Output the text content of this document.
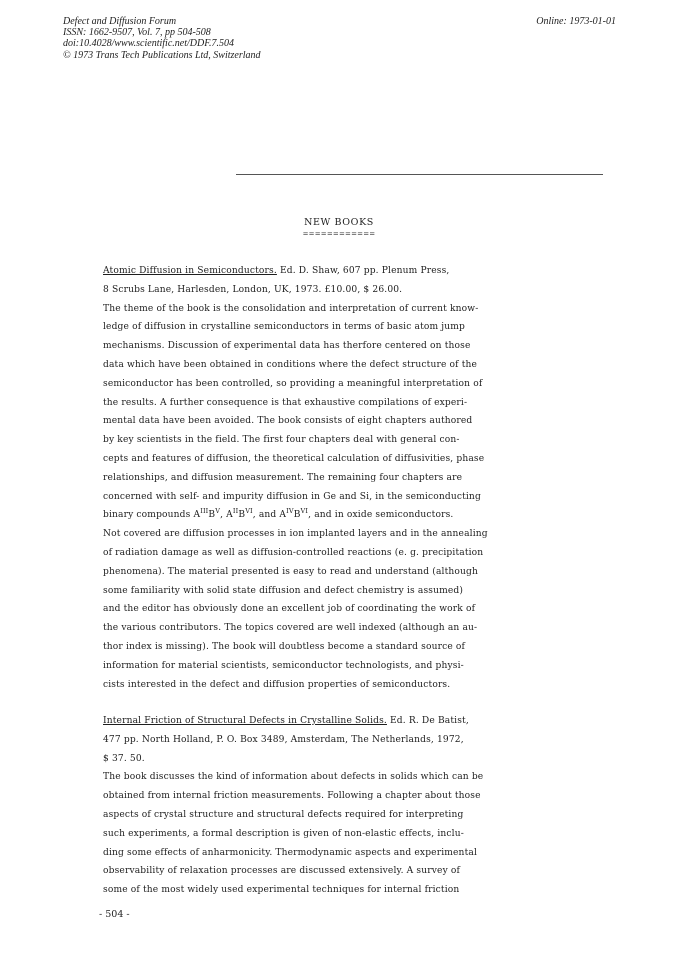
Defect and Diffusion Forum
ISSN: 1662-9507, Vol. 7, pp 504-508
doi:10.4028/www.scientific.net/DDF.7.504
© 1973 Trans Tech Publications Ltd, Switzerland
Online: 1973-01-01
NEW BOOKS
============
Atomic Diffusion in Semiconductors. Ed. D. Shaw, 607 pp. Plenum Press,
8 Scrubs Lane, Harlesden, London, UK, 1973. £10.00, $ 26.00.
The theme of the book is the consolidation and interpretation of current know-
ledge of diffusion in crystalline semiconductors in terms of basic atom jump
mechanisms. Discussion of experimental data has therfore centered on those
data which have been obtained in conditions where the defect structure of the
semiconductor has been controlled, so providing a meaningful interpretation of
the results. A further consequence is that exhaustive compilations of experi-
mental data have been avoided. The book consists of eight chapters authored
by key scientists in the field. The first four chapters deal with general con-
cepts and features of diffusion, the theoretical calculation of diffusivities, phase
relationships, and diffusion measurement. The remaining four chapters are
concerned with self- and impurity diffusion in Ge and Si, in the semiconducting
binary compounds $A^{III}B^V$, $A^{II}B^{VI}$, and $A^{IV}B^{VI}$, and in oxide semiconductors.
Not covered are diffusion processes in ion implanted layers and in the annealing
of radiation damage as well as diffusion-controlled reactions (e. g. precipitation
phenomena). The material presented is easy to read and understand (although
some familiarity with solid state diffusion and defect chemistry is assumed)
and the editor has obviously done an excellent job of coordinating the work of
the various contributors. The topics covered are well indexed (although an au-
thor index is missing). The book will doubtless become a standard source of
information for material scientists, semiconductor technologists, and physi-
cists interested in the defect and diffusion properties of semiconductors.
Internal Friction of Structural Defects in Crystalline Solids. Ed. R. De Batist,
477 pp. North Holland, P. O. Box 3489, Amsterdam, The Netherlands, 1972,
$ 37. 50.
The book discusses the kind of information about defects in solids which can be
obtained from internal friction measurements. Following a chapter about those
aspects of crystal structure and structural defects required for interpreting
such experiments, a formal description is given of non-elastic effects, inclu-
ding some effects of anharmonicity. Thermodynamic aspects and experimental
observability of relaxation processes are discussed extensively. A survey of
some of the most widely used experimental techniques for internal friction
- 504 -
